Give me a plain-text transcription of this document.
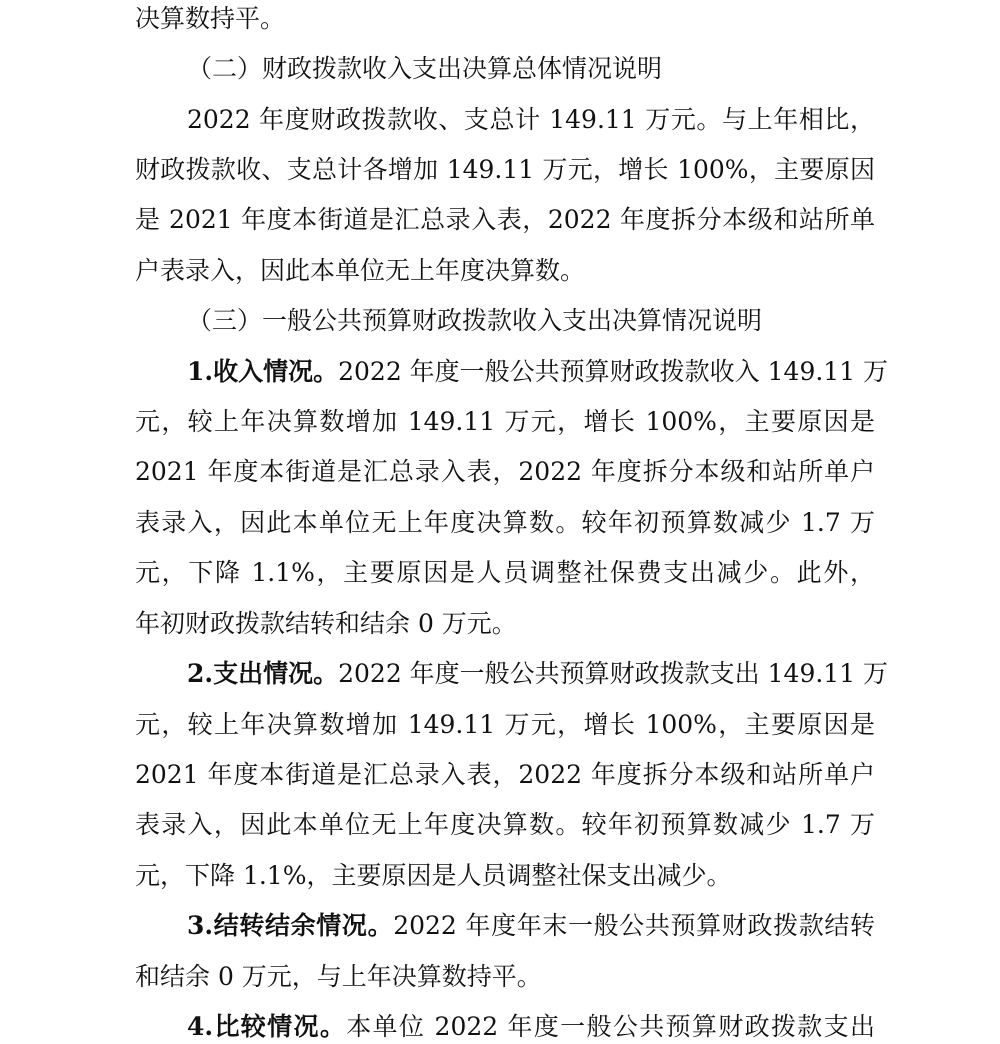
决算数持平。
（二）财政拨款收入支出决算总体情况说明
2022 年度财政拨款收、支总计 149.11 万元。与上年相比，
财政拨款收、支总计各增加 149.11 万元，增长 100%，主要原因
是 2021 年度本街道是汇总录入表，2022 年度拆分本级和站所单
户表录入，因此本单位无上年度决算数。
（三）一般公共预算财政拨款收入支出决算情况说明
1.收入情况。2022 年度一般公共预算财政拨款收入 149.11 万
元，较上年决算数增加 149.11 万元，增长 100%，主要原因是
2021 年度本街道是汇总录入表，2022 年度拆分本级和站所单户
表录入，因此本单位无上年度决算数。较年初预算数减少 1.7 万
元，下降 1.1%，主要原因是人员调整社保费支出减少。此外，
年初财政拨款结转和结余 0 万元。
2.支出情况。2022 年度一般公共预算财政拨款支出 149.11 万
元，较上年决算数增加 149.11 万元，增长 100%，主要原因是
2021 年度本街道是汇总录入表，2022 年度拆分本级和站所单户
表录入，因此本单位无上年度决算数。较年初预算数减少 1.7 万
元，下降 1.1%，主要原因是人员调整社保支出减少。
3.结转结余情况。2022 年度年末一般公共预算财政拨款结转
和结余 0 万元，与上年决算数持平。
4.比较情况。本单位 2022 年度一般公共预算财政拨款支出
